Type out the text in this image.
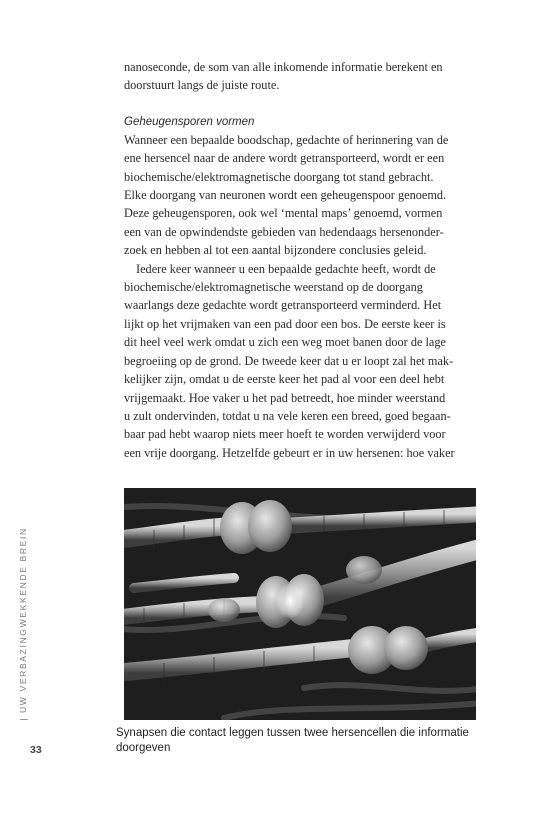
nanoseconde, de som van alle inkomende informatie berekent en
doorstuurt langs de juiste route.

Geheugensporen vormen

Wanneer een bepaalde boodschap, gedachte of herinnering van de
ene hersencel naar de andere wordt getransporteerd, wordt er een
biochemische/elektromagnetische doorgang tot stand gebracht.
Elke doorgang van neuronen wordt een geheugenspoor genoemd.
Deze geheugensporen, ook wel ‘mental maps’ genoemd, vormen
een van de opwindendste gebieden van hedendaags hersenonder-
zoek en hebben al tot een aantal bijzondere conclusies geleid.

Iedere keer wanneer u een bepaalde gedachte heeft, wordt de
biochemische/elektromagnetische weerstand op de doorgang
waarlangs deze gedachte wordt getransporteerd verminderd. Het
lijkt op het vrijmaken van een pad door een bos. De eerste keer is
dit heel veel werk omdat u zich een weg moet banen door de lage
begroeiing op de grond. De tweede keer dat u er loopt zal het mak-
kelijker zijn, omdat u de eerste keer het pad al voor een deel hebt
vrijgemaakt. Hoe vaker u het pad betreedt, hoe minder weerstand
u zult ondervinden, totdat u na vele keren een breed, goed begaan-
baar pad hebt waarop niets meer hoeft te worden verwijderd voor
een vrije doorgang. Hetzelfde gebeurt er in uw hersenen: hoe vaker

Synapsen die contact leggen tussen twee hersencellen die informatie doorgeven
UW VERBAZINGWEKKENDE BREIN
33
